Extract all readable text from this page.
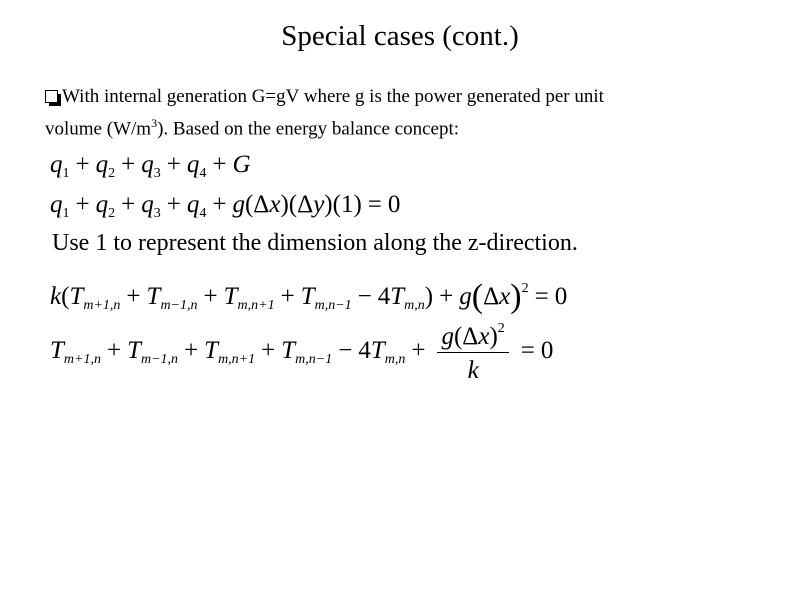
Special cases (cont.)
With internal generation G=gV where g is the power generated per unit
volume $(W/m^3)$. Based on the energy balance concept:
$q_1 + q_2 + q_3 + q_4 + G$
$q_1 + q_2 + q_3 + q_4 + g(\Delta x)(\Delta y)(1) = 0$
Use 1 to represent the dimension along the z-direction.
$k(T_{m+1,n} + T_{m-1,n} + T_{m,n+1} + T_{m,n-1} - 4T_{m,n}) + g(\Delta x)^2 = 0$
$T_{m+1,n} + T_{m-1,n} + T_{m,n+1} + T_{m,n-1} - 4T_{m,n} + \frac{g(\Delta x)^2}{k} = 0$
